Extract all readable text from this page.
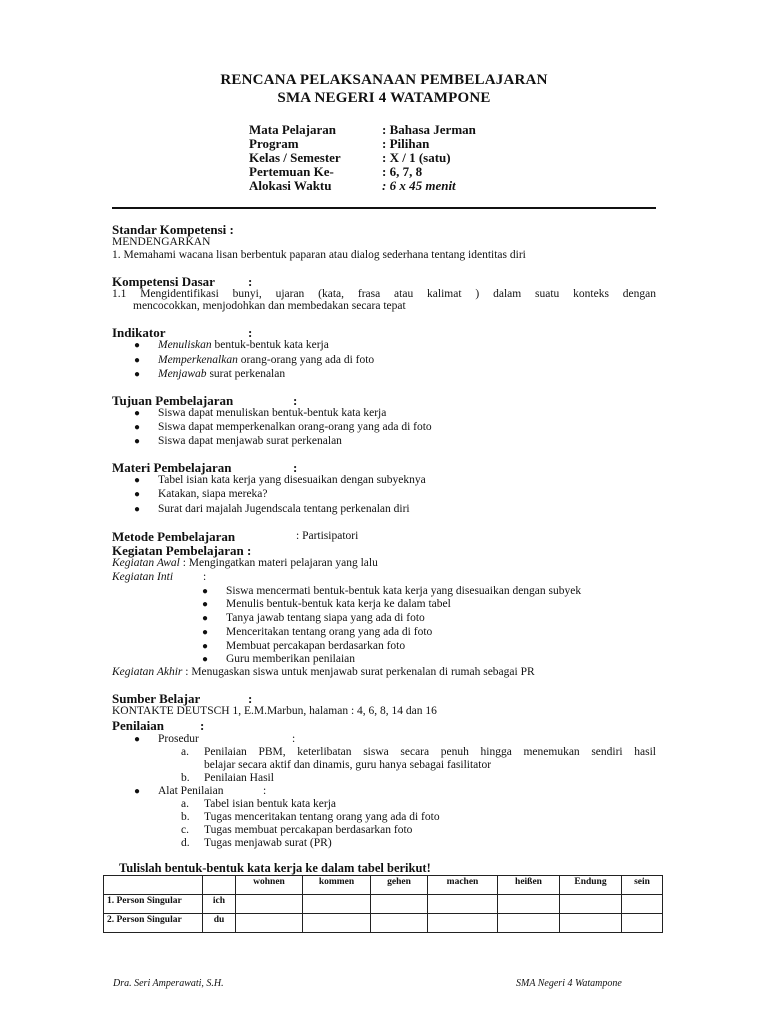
RENCANA PELAKSANAAN PEMBELAJARAN
SMA NEGERI 4 WATAMPONE
Mata Pelajaran	: Bahasa Jerman
Program	: Pilihan
Kelas / Semester	: X / 1 (satu)
Pertemuan Ke-	: 6, 7, 8
Alokasi Waktu	: 6 x 45 menit
Standar Kompetensi :
MENDENGARKAN
1. Memahami wacana lisan berbentuk paparan atau dialog sederhana tentang identitas diri
Kompetensi Dasar	:
1.1 Mengidentifikasi bunyi, ujaran (kata, frasa atau kalimat ) dalam suatu konteks dengan
mencocokkan, menjodohkan dan membedakan secara tepat
Indikator	:
● Menuliskan bentuk-bentuk kata kerja
● Memperkenalkan orang-orang yang ada di foto
● Menjawab surat perkenalan
Tujuan Pembelajaran	:
● Siswa dapat menuliskan bentuk-bentuk kata kerja
● Siswa dapat memperkenalkan orang-orang yang ada di foto
● Siswa dapat menjawab surat perkenalan
Materi Pembelajaran	:
● Tabel isian kata kerja yang disesuaikan dengan subyeknya
● Katakan, siapa mereka?
● Surat dari majalah Jugendscala tentang perkenalan diri
Metode Pembelajaran	: Partisipatori
Kegiatan Pembelajaran :
Kegiatan Awal : Mengingatkan materi pelajaran yang lalu
Kegiatan Inti	:
● Siswa mencermati bentuk-bentuk kata kerja yang disesuaikan dengan subyek
● Menulis bentuk-bentuk kata kerja ke dalam tabel
● Tanya jawab tentang siapa yang ada di foto
● Menceritakan tentang orang yang ada di foto
● Membuat percakapan berdasarkan foto
● Guru memberikan penilaian
Kegiatan Akhir : Menugaskan siswa untuk menjawab surat perkenalan di rumah sebagai PR
Sumber Belajar	:
KONTAKTE DEUTSCH 1, E.M.Marbun, halaman : 4, 6, 8, 14 dan 16
Penilaian	:
● Prosedur	:
a. Penilaian PBM, keterlibatan siswa secara penuh hingga menemukan sendiri hasil
belajar secara aktif dan dinamis, guru hanya sebagai fasilitator
b. Penilaian Hasil
● Alat Penilaian	:
a. Tabel isian bentuk kata kerja
b. Tugas menceritakan tentang orang yang ada di foto
c. Tugas membuat percakapan berdasarkan foto
d. Tugas menjawab surat (PR)
Tulislah bentuk-bentuk kata kerja ke dalam tabel berikut!
		wohnen	kommen	gehen	machen	heißen	Endung	sein
1. Person Singular	ich							
2. Person Singular	du							
Dra. Seri Amperawati, S.H.	SMA Negeri 4 Watampone
